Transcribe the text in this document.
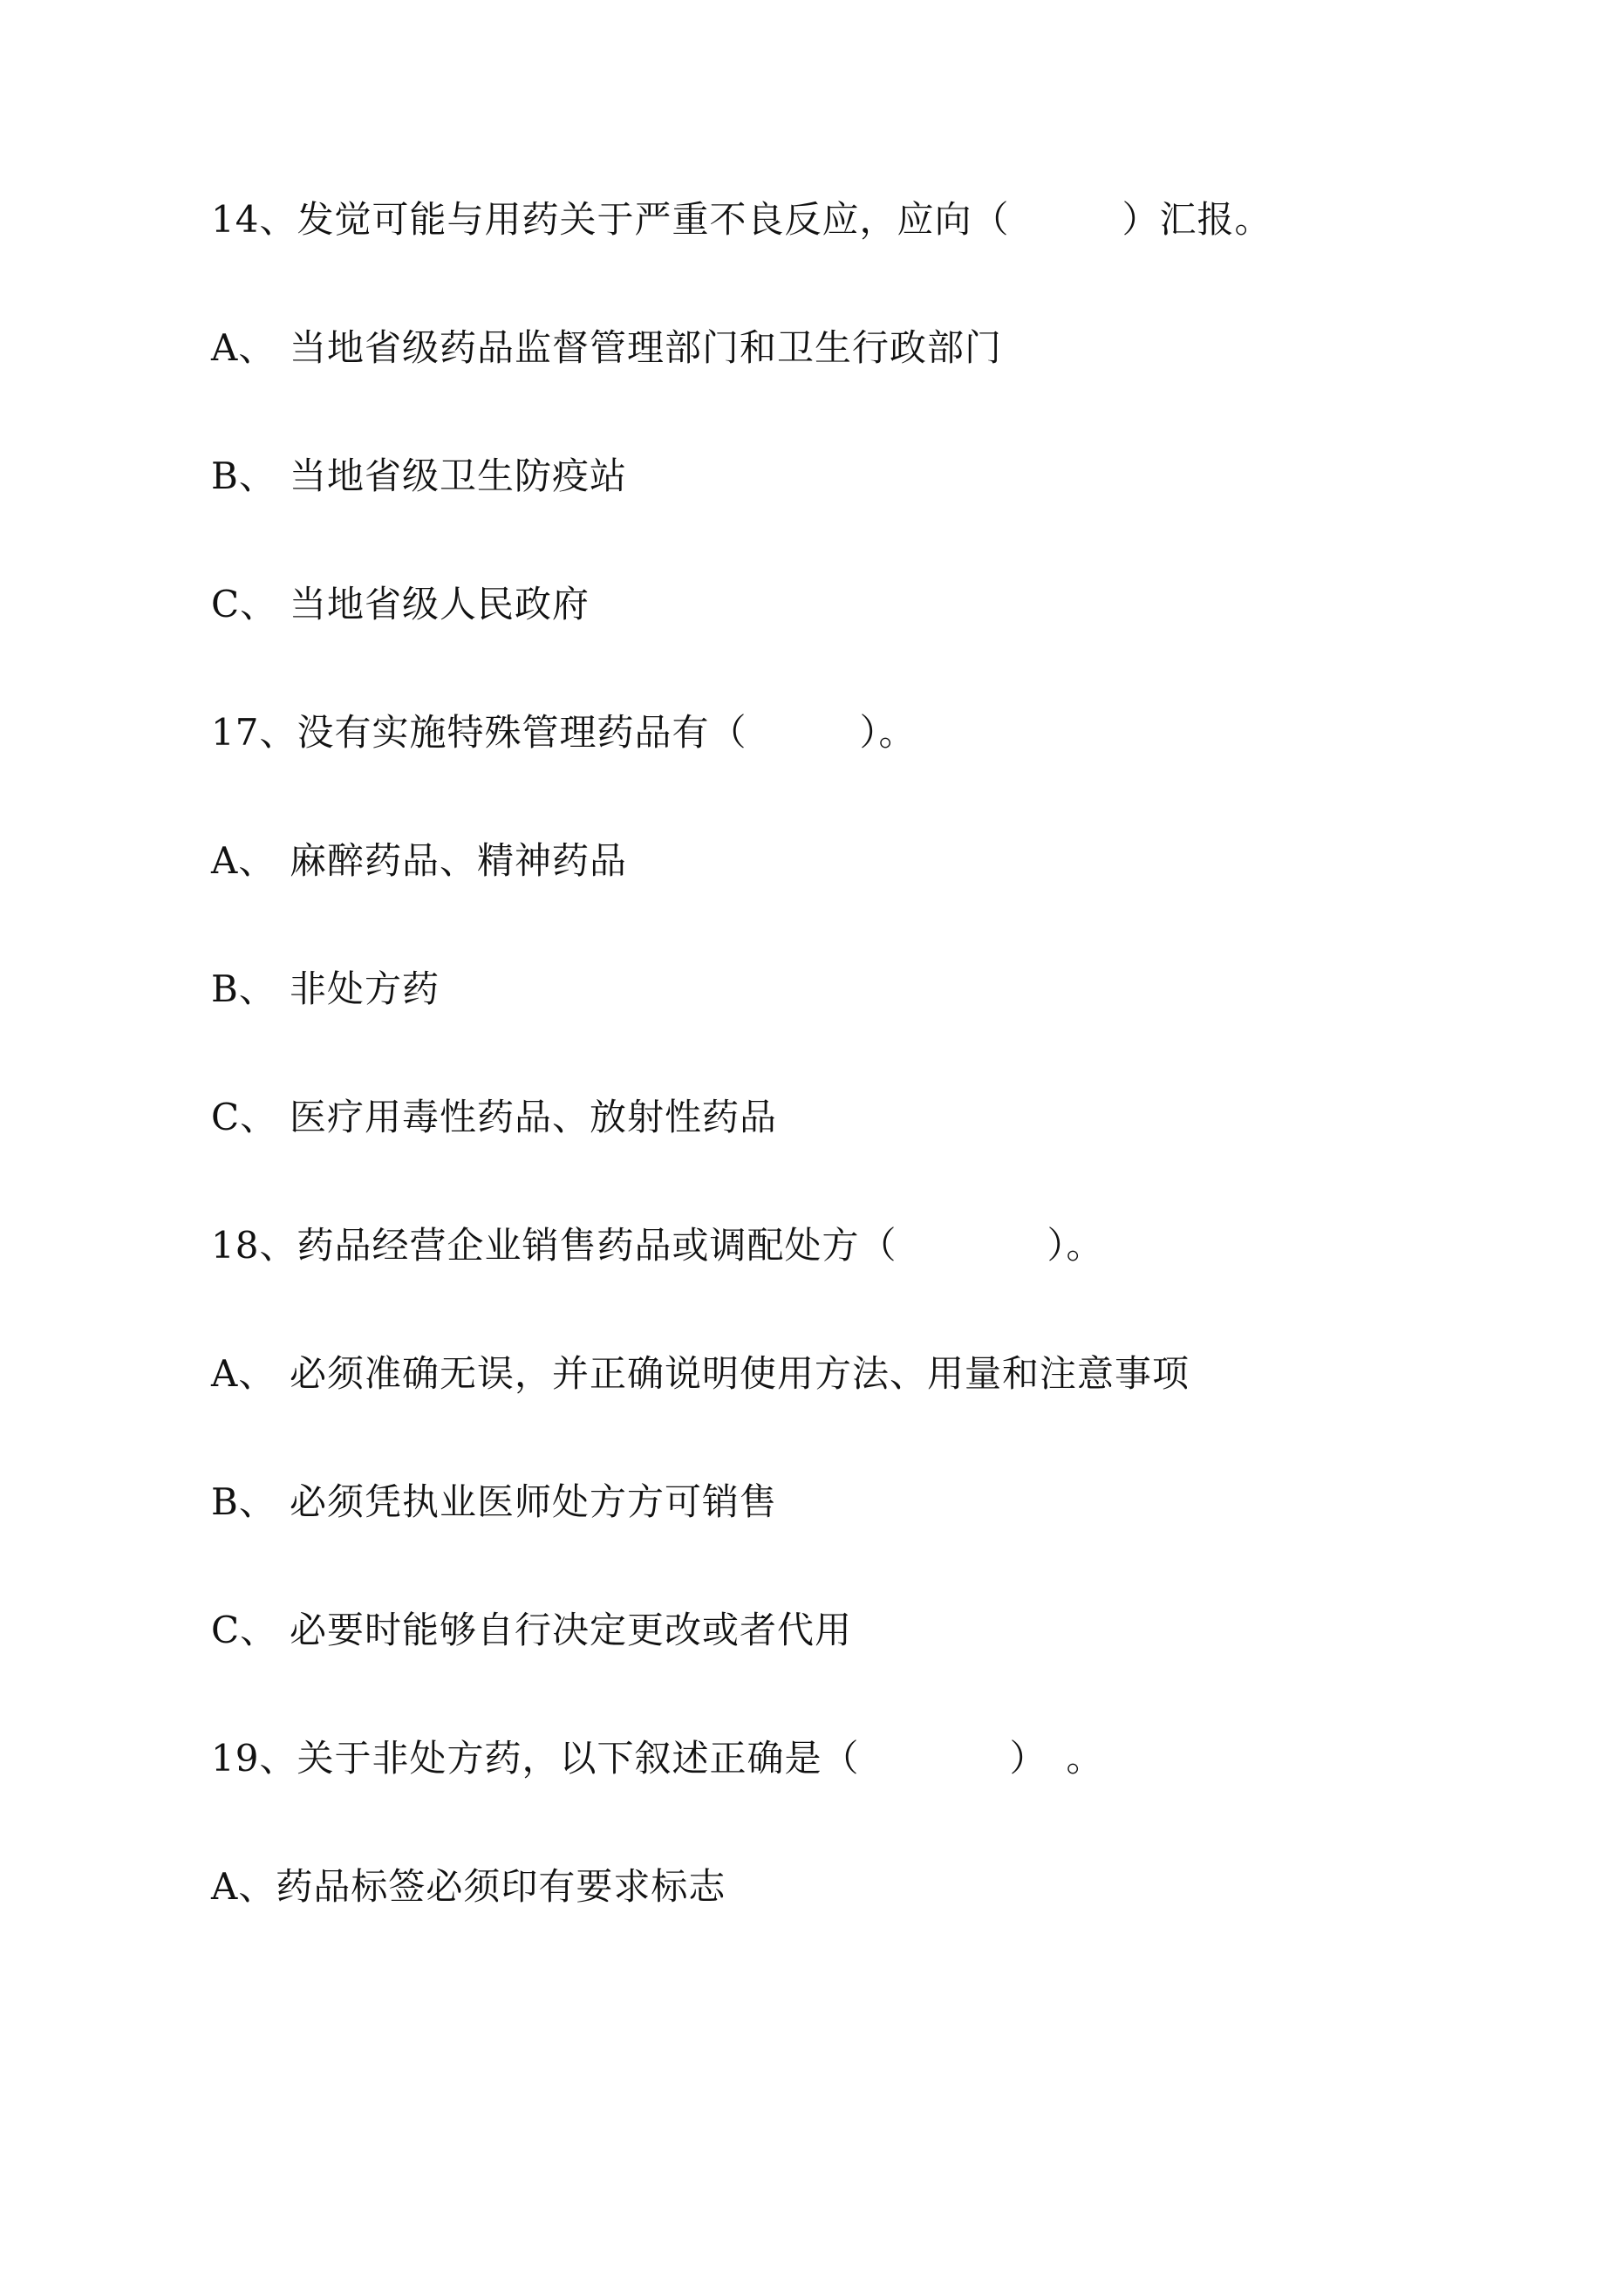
14、发觉可能与用药关于严重不良反应，应向（　　　）汇报。
A、 当地省级药品监督管理部门和卫生行政部门
B、 当地省级卫生防疫站
C、 当地省级人民政府
17、没有实施特殊管理药品有（　　　）。
A、 麻醉药品、精神药品
B、 非处方药
C、 医疗用毒性药品、放射性药品
18、药品经营企业销售药品或调配处方（　　　　）。
A、 必须准确无误，并正确说明使用方法、用量和注意事项
B、 必须凭执业医师处方方可销售
C、 必要时能够自行决定更改或者代用
19、关于非处方药，以下叙述正确是（　　　　）　。
A、药品标签必须印有要求标志
